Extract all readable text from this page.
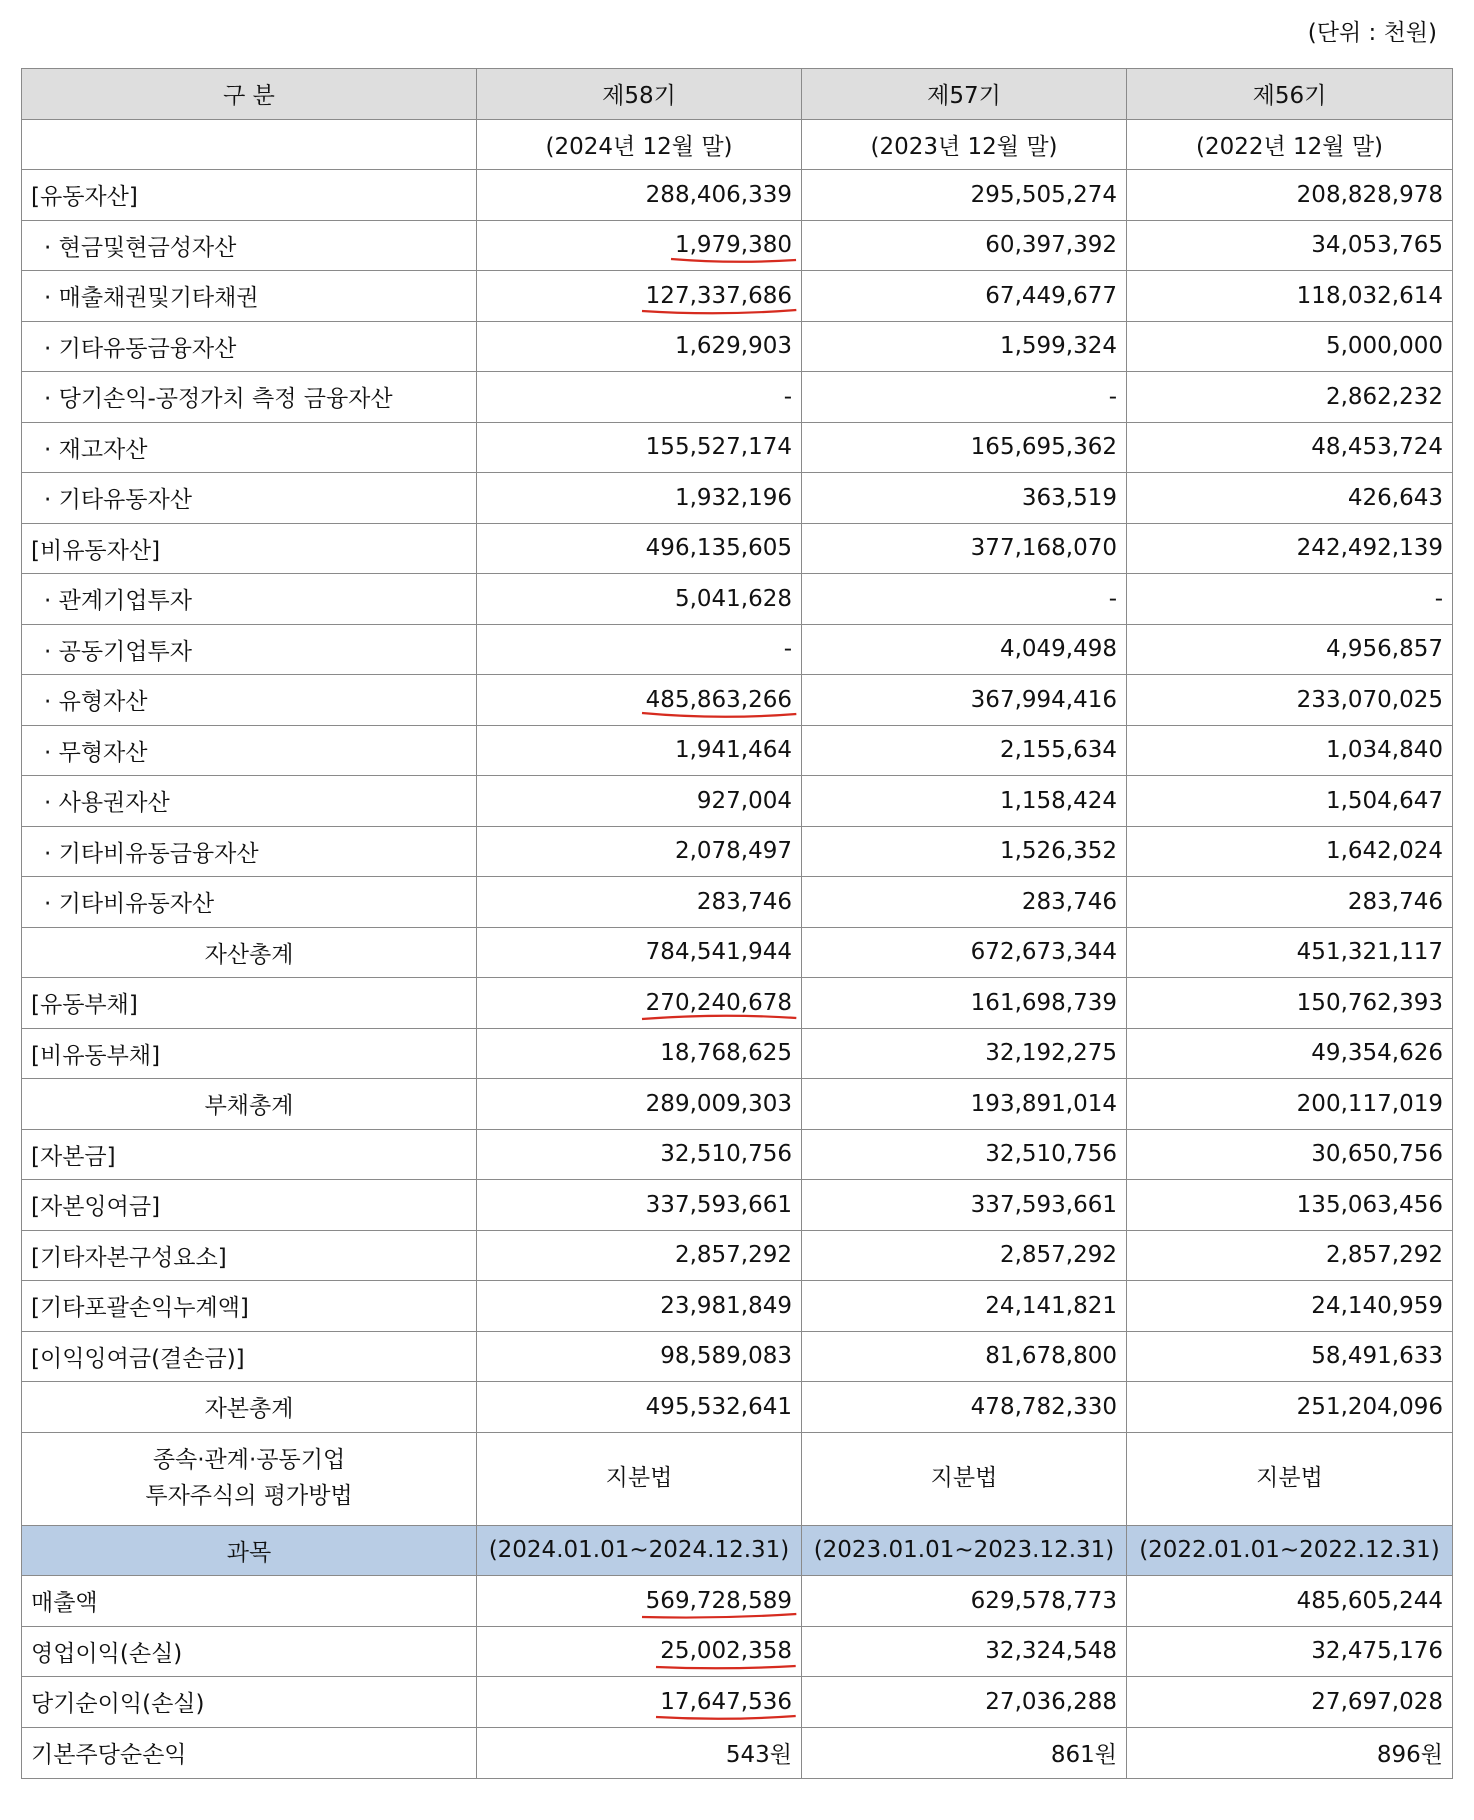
(단위 : 천원)
구 분	제58기	제57기	제56기
	(2024년 12월 말)	(2023년 12월 말)	(2022년 12월 말)
[유동자산]	288,406,339	295,505,274	208,828,978
· 현금및현금성자산	1,979,380	60,397,392	34,053,765
· 매출채권및기타채권	127,337,686	67,449,677	118,032,614
· 기타유동금융자산	1,629,903	1,599,324	5,000,000
· 당기손익-공정가치 측정 금융자산	-	-	2,862,232
· 재고자산	155,527,174	165,695,362	48,453,724
· 기타유동자산	1,932,196	363,519	426,643
[비유동자산]	496,135,605	377,168,070	242,492,139
· 관계기업투자	5,041,628	-	-
· 공동기업투자	-	4,049,498	4,956,857
· 유형자산	485,863,266	367,994,416	233,070,025
· 무형자산	1,941,464	2,155,634	1,034,840
· 사용권자산	927,004	1,158,424	1,504,647
· 기타비유동금융자산	2,078,497	1,526,352	1,642,024
· 기타비유동자산	283,746	283,746	283,746
자산총계	784,541,944	672,673,344	451,321,117
[유동부채]	270,240,678	161,698,739	150,762,393
[비유동부채]	18,768,625	32,192,275	49,354,626
부채총계	289,009,303	193,891,014	200,117,019
[자본금]	32,510,756	32,510,756	30,650,756
[자본잉여금]	337,593,661	337,593,661	135,063,456
[기타자본구성요소]	2,857,292	2,857,292	2,857,292
[기타포괄손익누계액]	23,981,849	24,141,821	24,140,959
[이익잉여금(결손금)]	98,589,083	81,678,800	58,491,633
자본총계	495,532,641	478,782,330	251,204,096
종속·관계·공동기업
투자주식의 평가방법	지분법	지분법	지분법
과목	(2024.01.01~2024.12.31)	(2023.01.01~2023.12.31)	(2022.01.01~2022.12.31)
매출액	569,728,589	629,578,773	485,605,244
영업이익(손실)	25,002,358	32,324,548	32,475,176
당기순이익(손실)	17,647,536	27,036,288	27,697,028
기본주당순손익	543원	861원	896원
